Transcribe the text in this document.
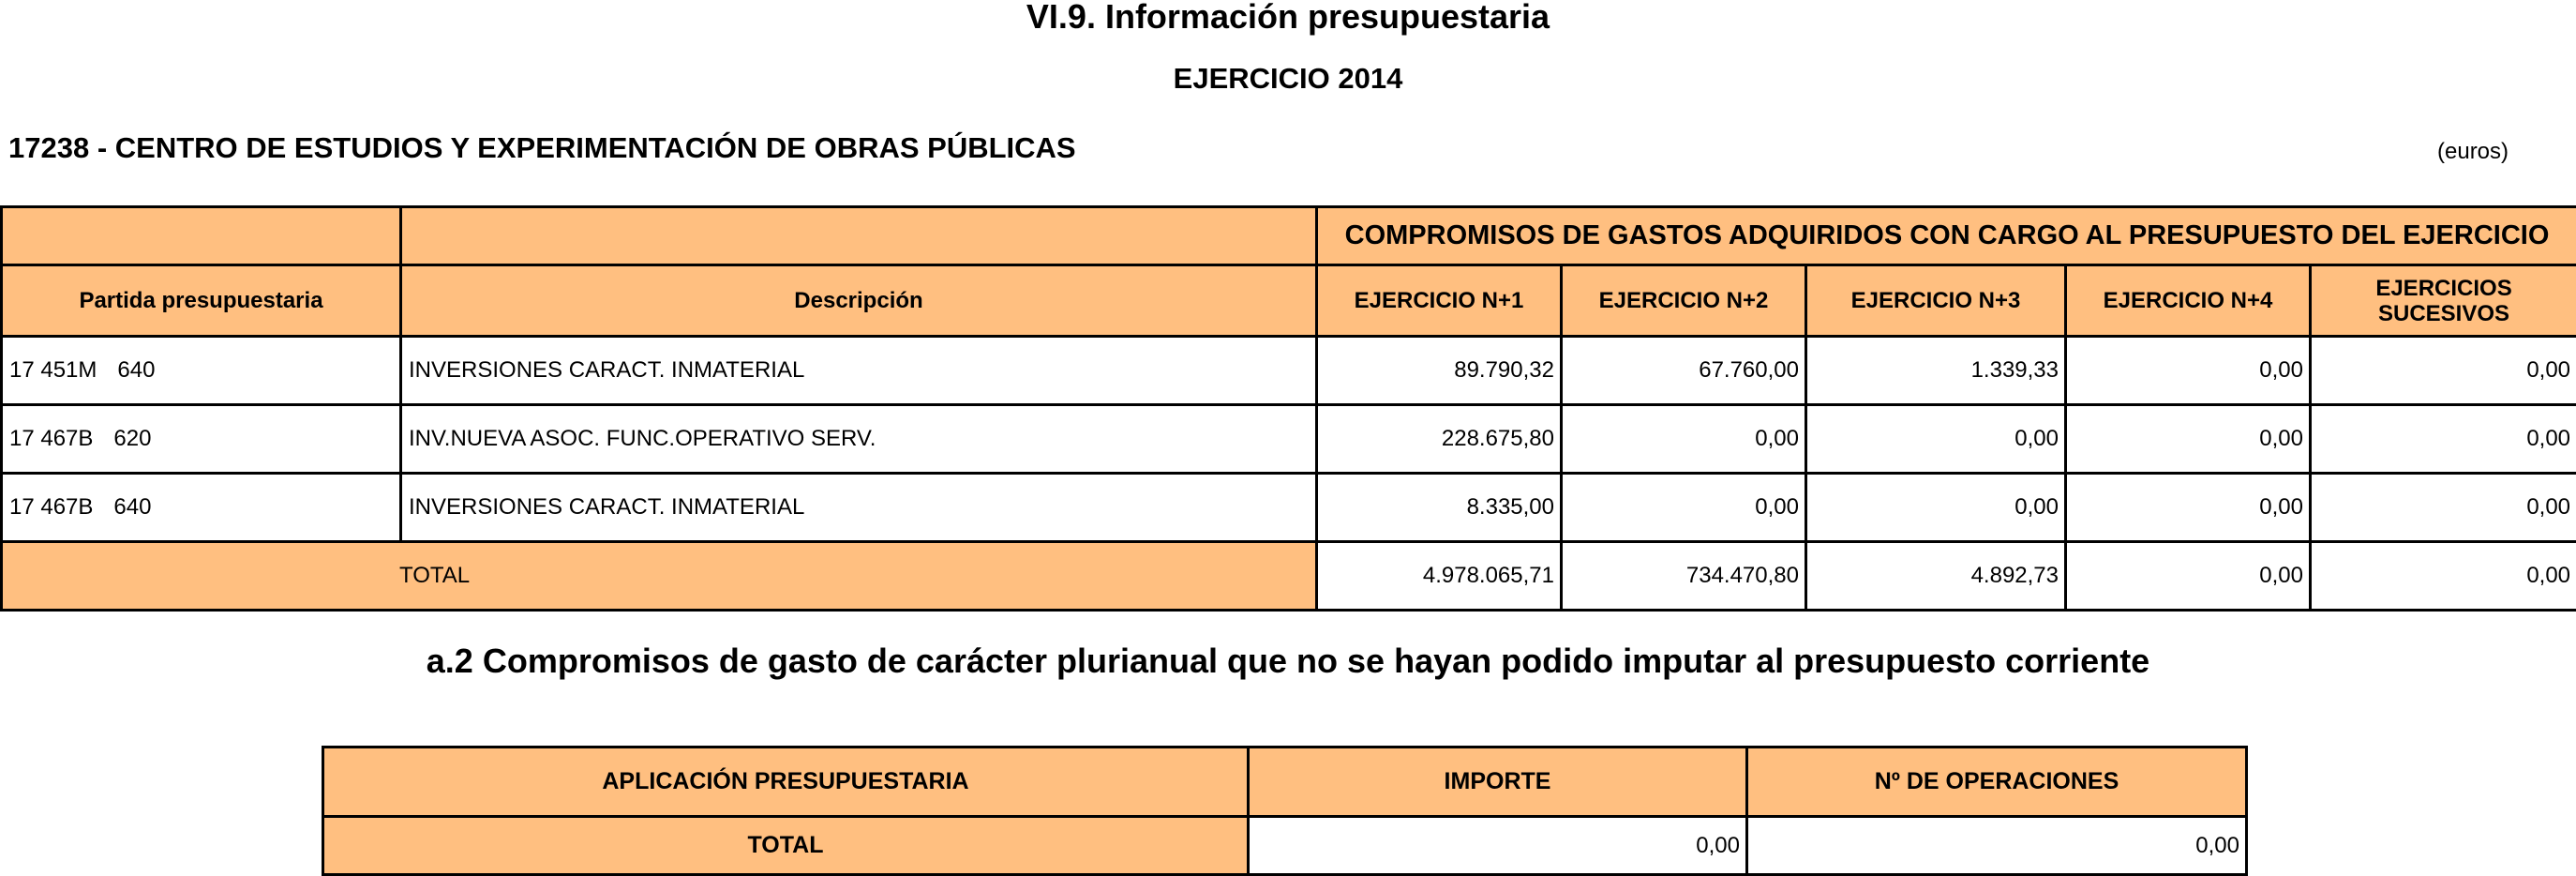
VI.9. Información presupuestaria
EJERCICIO 2014
17238 - CENTRO DE ESTUDIOS Y EXPERIMENTACIÓN DE OBRAS PÚBLICAS	(euros)
		COMPROMISOS DE GASTOS ADQUIRIDOS CON CARGO AL PRESUPUESTO DEL EJERCICIO				
Partida presupuestaria	Descripción	EJERCICIO N+1	EJERCICIO N+2	EJERCICIO N+3	EJERCICIO N+4	EJERCICIOS
SUCESIVOS
17 451M 640	INVERSIONES CARACT. INMATERIAL	89.790,32	67.760,00	1.339,33	0,00	0,00
17 467B 620	INV.NUEVA ASOC. FUNC.OPERATIVO SERV.	228.675,80	0,00	0,00	0,00	0,00
17 467B 640	INVERSIONES CARACT. INMATERIAL	8.335,00	0,00	0,00	0,00	0,00
TOTAL		4.978.065,71	734.470,80	4.892,73	0,00	0,00
a.2 Compromisos de gasto de carácter plurianual que no se hayan podido imputar al presupuesto corriente
APLICACIÓN PRESUPUESTARIA	IMPORTE	Nº DE OPERACIONES
TOTAL	0,00	0,00
